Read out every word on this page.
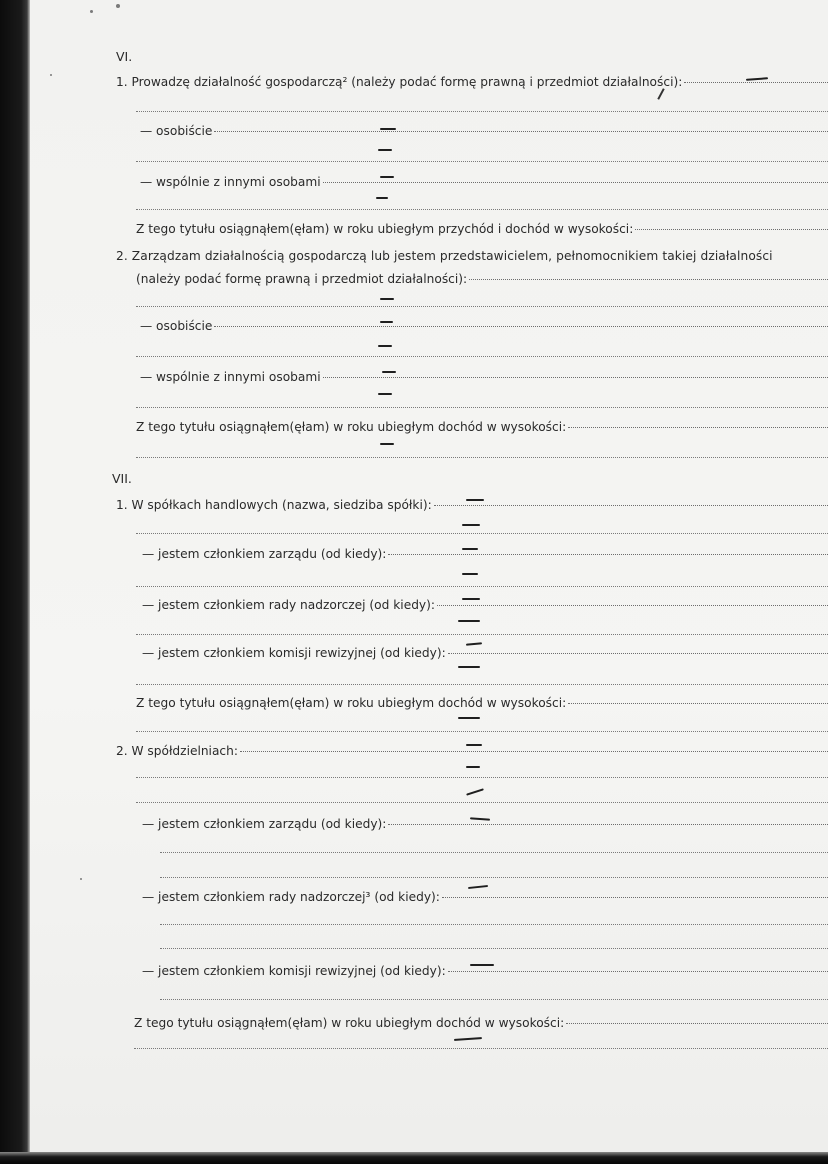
VI.
1. Prowadzę działalność gospodarczą² (należy podać formę prawną i przedmiot działalności):
— osobiście
— wspólnie z innymi osobami
Z tego tytułu osiągnąłem(ęłam) w roku ubiegłym przychód i dochód w wysokości:
2. Zarządzam działalnością gospodarczą lub jestem przedstawicielem, pełnomocnikiem takiej działalności
(należy podać formę prawną i przedmiot działalności):
— osobiście
— wspólnie z innymi osobami
Z tego tytułu osiągnąłem(ęłam) w roku ubiegłym dochód w wysokości:
VII.
1. W spółkach handlowych (nazwa, siedziba spółki):
— jestem członkiem zarządu (od kiedy):
— jestem członkiem rady nadzorczej (od kiedy):
— jestem członkiem komisji rewizyjnej (od kiedy):
Z tego tytułu osiągnąłem(ęłam) w roku ubiegłym dochód w wysokości:
2. W spółdzielniach:
— jestem członkiem zarządu (od kiedy):
— jestem członkiem rady nadzorczej³ (od kiedy):
— jestem członkiem komisji rewizyjnej (od kiedy):
Z tego tytułu osiągnąłem(ęłam) w roku ubiegłym dochód w wysokości:
